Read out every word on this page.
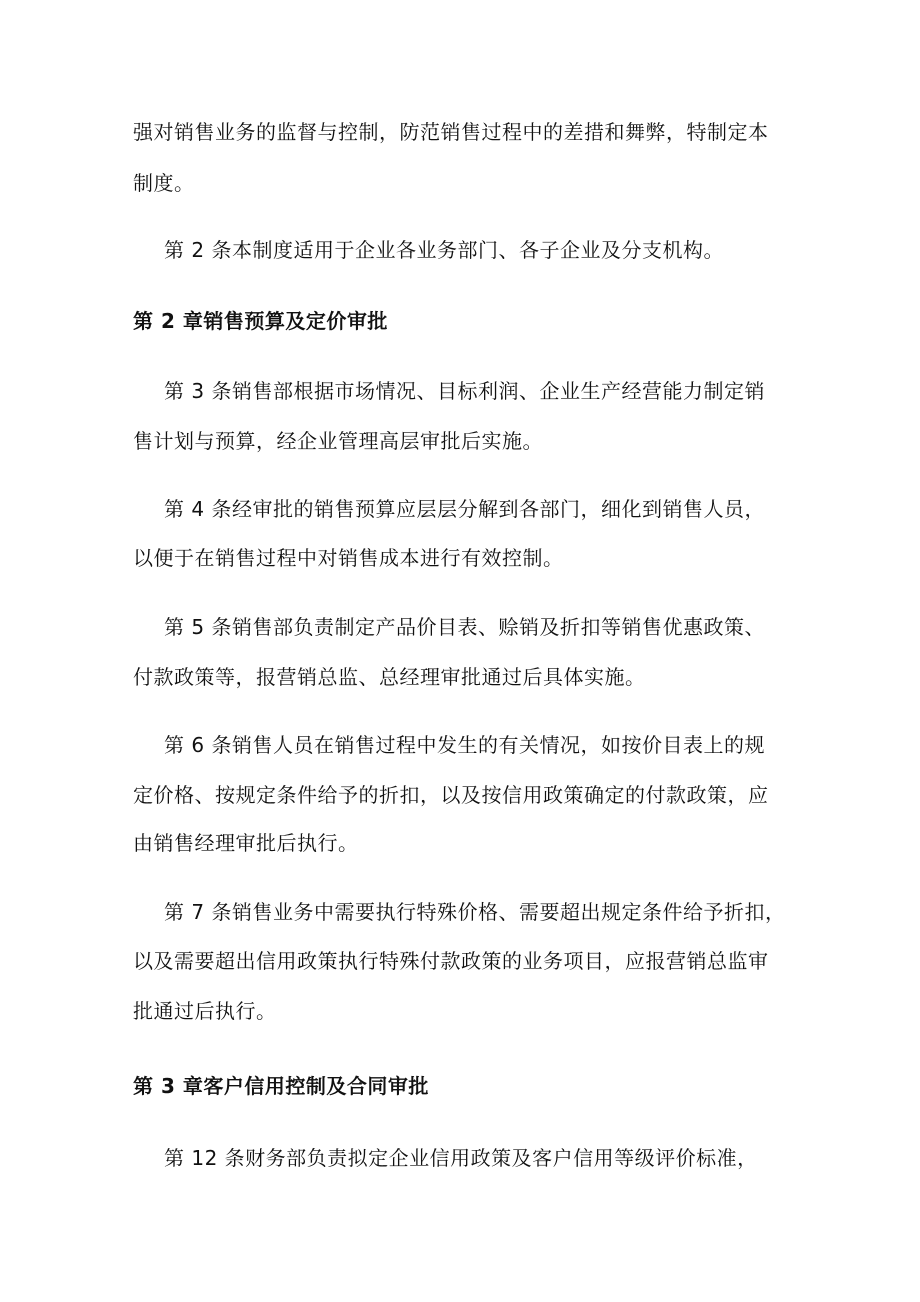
强对销售业务的监督与控制，防范销售过程中的差措和舞弊，特制定本
制度。
第 2 条本制度适用于企业各业务部门、各子企业及分支机构。
第 2 章销售预算及定价审批
第 3 条销售部根据市场情况、目标利润、企业生产经营能力制定销
售计划与预算，经企业管理高层审批后实施。
第 4 条经审批的销售预算应层层分解到各部门，细化到销售人员，
以便于在销售过程中对销售成本进行有效控制。
第 5 条销售部负责制定产品价目表、赊销及折扣等销售优惠政策、
付款政策等，报营销总监、总经理审批通过后具体实施。
第 6 条销售人员在销售过程中发生的有关情况，如按价目表上的规
定价格、按规定条件给予的折扣，以及按信用政策确定的付款政策，应
由销售经理审批后执行。
第 7 条销售业务中需要执行特殊价格、需要超出规定条件给予折扣，
以及需要超出信用政策执行特殊付款政策的业务项目，应报营销总监审
批通过后执行。
第 3 章客户信用控制及合同审批
第 12 条财务部负责拟定企业信用政策及客户信用等级评价标准，
